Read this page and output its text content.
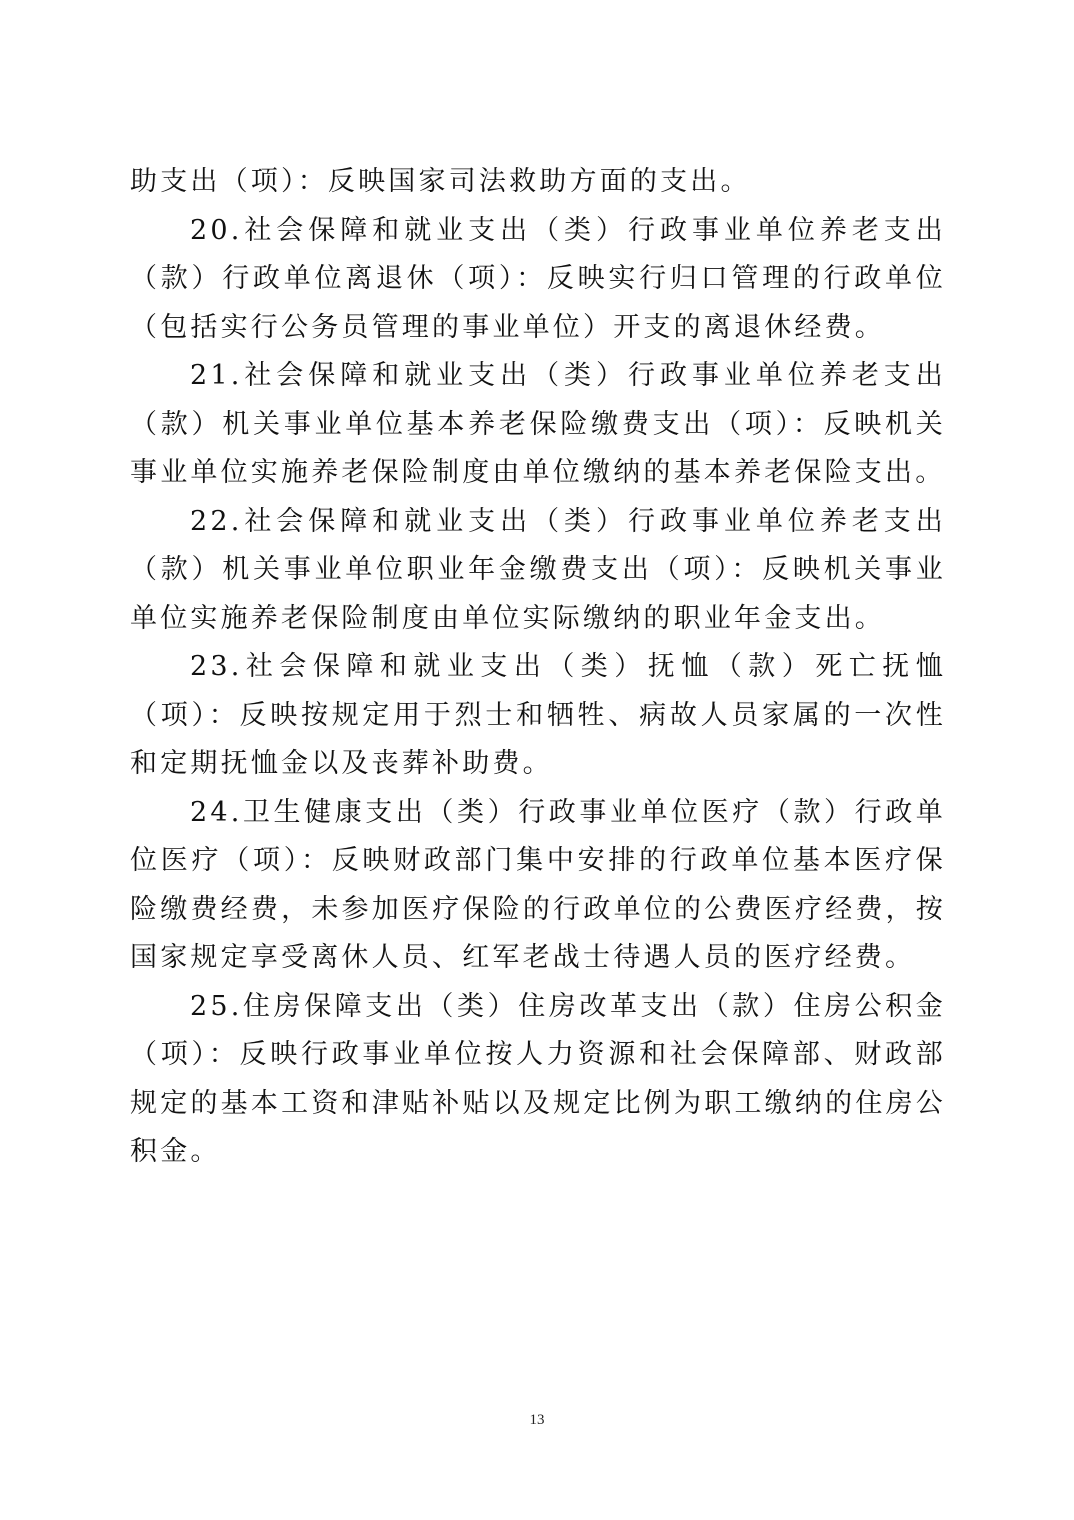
助支出（项）：反映国家司法救助方面的支出。

20.社会保障和就业支出（类）行政事业单位养老支出（款）行政单位离退休（项）：反映实行归口管理的行政单位（包括实行公务员管理的事业单位）开支的离退休经费。

21.社会保障和就业支出（类）行政事业单位养老支出（款）机关事业单位基本养老保险缴费支出（项）：反映机关事业单位实施养老保险制度由单位缴纳的基本养老保险支出。

22.社会保障和就业支出（类）行政事业单位养老支出（款）机关事业单位职业年金缴费支出（项）：反映机关事业单位实施养老保险制度由单位实际缴纳的职业年金支出。

23.社会保障和就业支出（类）抚恤（款）死亡抚恤（项）：反映按规定用于烈士和牺牲、病故人员家属的一次性和定期抚恤金以及丧葬补助费。

24.卫生健康支出（类）行政事业单位医疗（款）行政单位医疗（项）：反映财政部门集中安排的行政单位基本医疗保险缴费经费，未参加医疗保险的行政单位的公费医疗经费，按国家规定享受离休人员、红军老战士待遇人员的医疗经费。

25.住房保障支出（类）住房改革支出（款）住房公积金（项）：反映行政事业单位按人力资源和社会保障部、财政部规定的基本工资和津贴补贴以及规定比例为职工缴纳的住房公积金。

13
